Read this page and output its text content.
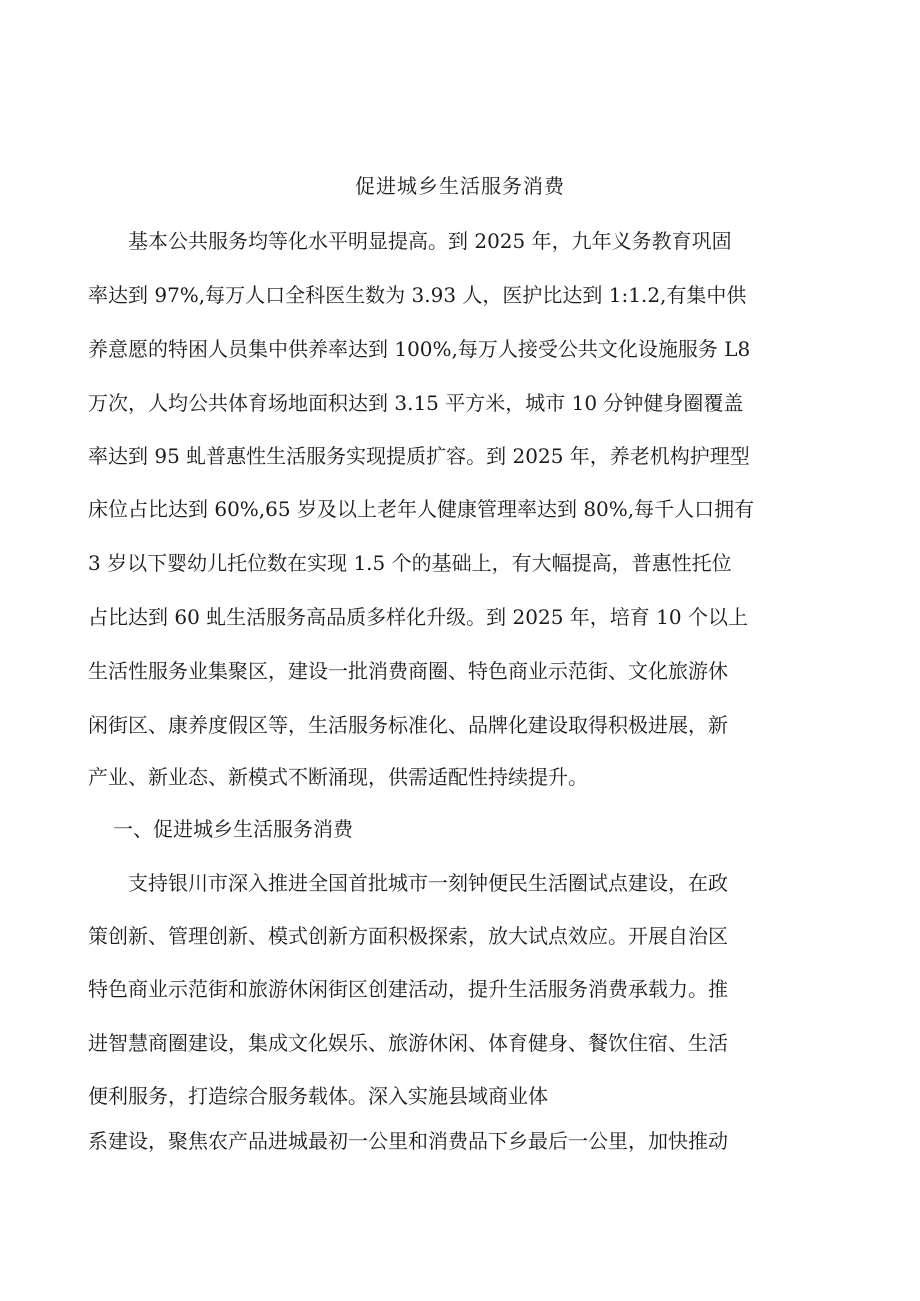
促进城乡生活服务消费
　　基本公共服务均等化水平明显提高。到 2025 年，九年义务教育巩固
率达到 97%,每万人口全科医生数为 3.93 人，医护比达到 1:1.2,有集中供
养意愿的特困人员集中供养率达到 100%,每万人接受公共文化设施服务 L8
万次，人均公共体育场地面积达到 3.15 平方米，城市 10 分钟健身圈覆盖
率达到 95 虬普惠性生活服务实现提质扩容。到 2025 年，养老机构护理型
床位占比达到 60%,65 岁及以上老年人健康管理率达到 80%,每千人口拥有
3 岁以下婴幼儿托位数在实现 1.5 个的基础上，有大幅提高，普惠性托位
占比达到 60 虬生活服务高品质多样化升级。到 2025 年，培育 10 个以上
生活性服务业集聚区，建设一批消费商圈、特色商业示范街、文化旅游休
闲街区、康养度假区等，生活服务标准化、品牌化建设取得积极进展，新
产业、新业态、新模式不断涌现，供需适配性持续提升。
一、促进城乡生活服务消费
　　支持银川市深入推进全国首批城市一刻钟便民生活圈试点建设，在政
策创新、管理创新、模式创新方面积极探索，放大试点效应。开展自治区
特色商业示范街和旅游休闲街区创建活动，提升生活服务消费承载力。推
进智慧商圈建设，集成文化娱乐、旅游休闲、体育健身、餐饮住宿、生活
便利服务，打造综合服务载体。深入实施县域商业体
系建设，聚焦农产品进城最初一公里和消费品下乡最后一公里，加快推动
